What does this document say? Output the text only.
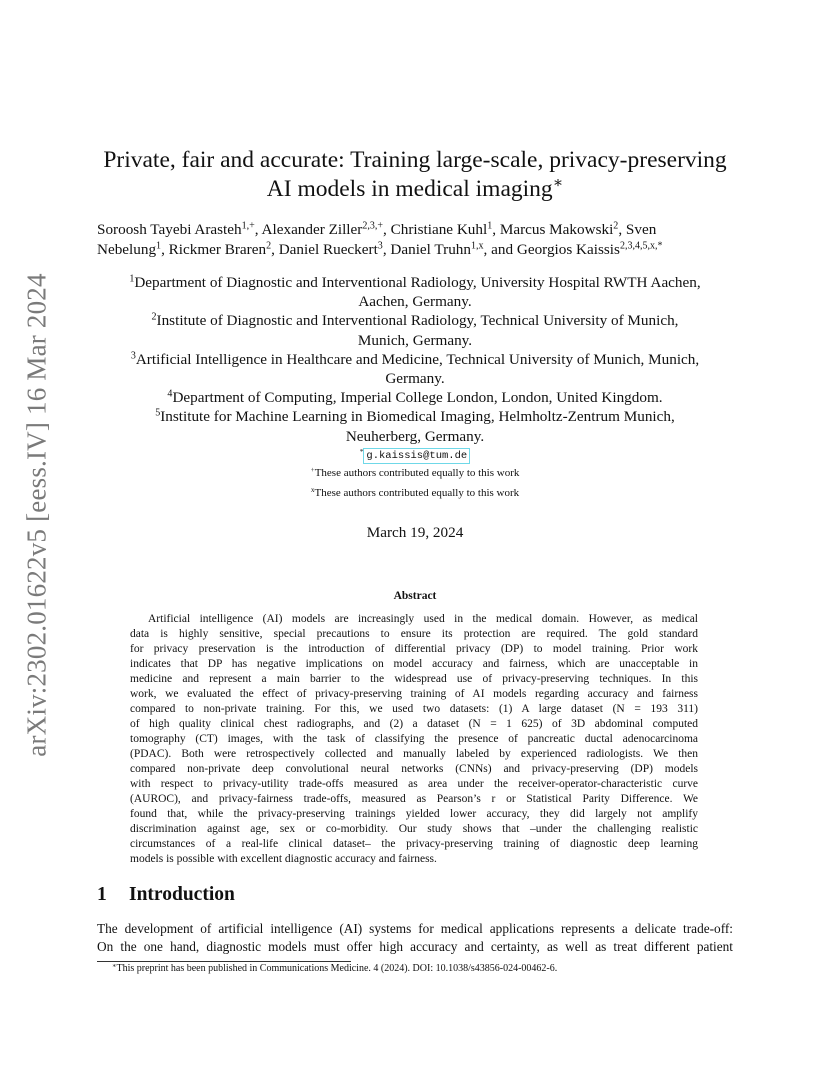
arXiv:2302.01622v5 [eess.IV] 16 Mar 2024
Private, fair and accurate: Training large-scale, privacy-preserving
AI models in medical imaging∗
Soroosh Tayebi Arasteh$^{1,+}$, Alexander Ziller$^{2,3,+}$, Christiane Kuhl$^1$, Marcus Makowski$^2$, Sven
Nebelung$^1$, Rickmer Braren$^2$, Daniel Rueckert$^3$, Daniel Truhn$^{1,x}$, and Georgios Kaissis$^{2,3,4,5,x,*}$
$^1$Department of Diagnostic and Interventional Radiology, University Hospital RWTH Aachen,
Aachen, Germany.
$^2$Institute of Diagnostic and Interventional Radiology, Technical University of Munich,
Munich, Germany.
$^3$Artificial Intelligence in Healthcare and Medicine, Technical University of Munich, Munich,
Germany.
$^4$Department of Computing, Imperial College London, London, United Kingdom.
$^5$Institute for Machine Learning in Biomedical Imaging, Helmholtz-Zentrum Munich,
Neuherberg, Germany.
* g.kaissis@tum.de
+These authors contributed equally to this work
$^x$These authors contributed equally to this work
March 19, 2024
Abstract
Artificial intelligence (AI) models are increasingly used in the medical domain. However, as medical
data is highly sensitive, special precautions to ensure its protection are required. The gold standard
for privacy preservation is the introduction of differential privacy (DP) to model training. Prior work
indicates that DP has negative implications on model accuracy and fairness, which are unacceptable in
medicine and represent a main barrier to the widespread use of privacy-preserving techniques. In this
work, we evaluated the effect of privacy-preserving training of AI models regarding accuracy and fairness
compared to non-private training. For this, we used two datasets: (1) A large dataset (N = 193 311)
of high quality clinical chest radiographs, and (2) a dataset (N = 1 625) of 3D abdominal computed
tomography (CT) images, with the task of classifying the presence of pancreatic ductal adenocarcinoma
(PDAC). Both were retrospectively collected and manually labeled by experienced radiologists. We then
compared non-private deep convolutional neural networks (CNNs) and privacy-preserving (DP) models
with respect to privacy-utility trade-offs measured as area under the receiver-operator-characteristic curve
(AUROC), and privacy-fairness trade-offs, measured as Pearson’s r or Statistical Parity Difference. We
found that, while the privacy-preserving trainings yielded lower accuracy, they did largely not amplify
discrimination against age, sex or co-morbidity. Our study shows that –under the challenging realistic
circumstances of a real-life clinical dataset– the privacy-preserving training of diagnostic deep learning
models is possible with excellent diagnostic accuracy and fairness.
1 Introduction
The development of artificial intelligence (AI) systems for medical applications represents a delicate trade-off:
On the one hand, diagnostic models must offer high accuracy and certainty, as well as treat different patient
∗This preprint has been published in Communications Medicine. 4 (2024). DOI: 10.1038/s43856-024-00462-6.
